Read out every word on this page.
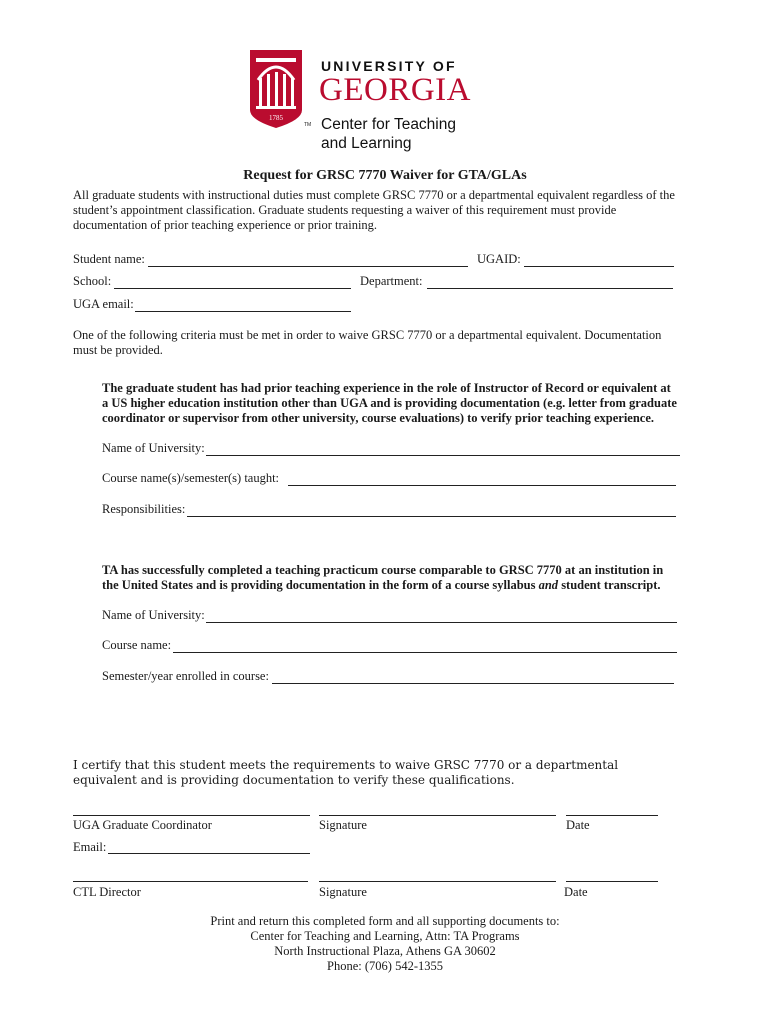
1785
TM
UNIVERSITY OF
GEORGIA
Center for Teaching
and Learning
Request for GRSC 7770 Waiver for GTA/GLAs
All graduate students with instructional duties must complete GRSC 7770 or a departmental equivalent regardless of the student’s appointment classification. Graduate students requesting a waiver of this requirement must provide documentation of prior teaching experience or prior training.
Student name:	UGAID:
School:	Department:
UGA email:
One of the following criteria must be met in order to waive GRSC 7770 or a departmental equivalent. Documentation must be provided.
The graduate student has had prior teaching experience in the role of Instructor of Record or equivalent at a US higher education institution other than UGA and is providing documentation (e.g. letter from graduate coordinator or supervisor from other university, course evaluations) to verify prior teaching experience.
Name of University:
Course name(s)/semester(s) taught:
Responsibilities:
TA has successfully completed a teaching practicum course comparable to GRSC 7770 at an institution in the United States and is providing documentation in the form of a course syllabus and student transcript.
Name of University:
Course name:
Semester/year enrolled in course:
I certify that this student meets the requirements to waive GRSC 7770 or a departmental equivalent and is providing documentation to verify these qualifications.
UGA Graduate Coordinator	Signature	Date
Email:
CTL Director	Signature	Date
Print and return this completed form and all supporting documents to:
Center for Teaching and Learning, Attn: TA Programs
North Instructional Plaza, Athens GA 30602
Phone: (706) 542-1355
